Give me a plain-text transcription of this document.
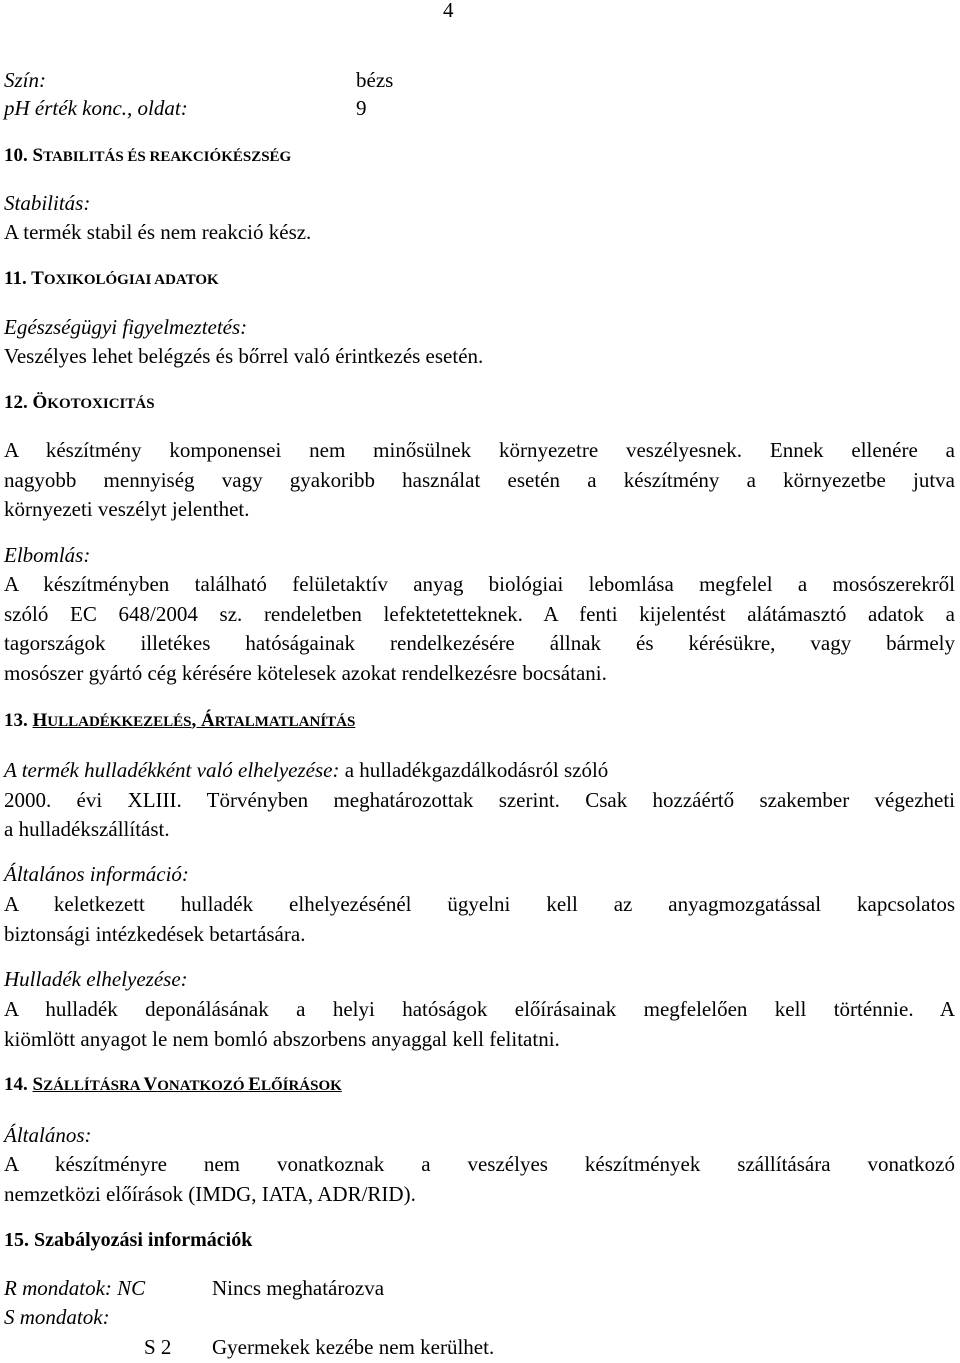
4
Szín:	bézs
pH érték konc., oldat:	9
10. STABILITÁS ÉS REAKCIÓKÉSZSÉG
Stabilitás:
A termék stabil és nem reakció kész.
11. TOXIKOLÓGIAI ADATOK
Egészségügyi figyelmeztetés:
Veszélyes lehet belégzés és bőrrel való érintkezés esetén.
12. ÖKOTOXICITÁS
A készítmény komponensei nem minősülnek környezetre veszélyesnek. Ennek ellenére a
nagyobb mennyiség vagy gyakoribb használat esetén a készítmény a környezetbe jutva
környezeti veszélyt jelenthet.
Elbomlás:
A készítményben található felületaktív anyag biológiai lebomlása megfelel a mosószerekről
szóló EC 648/2004 sz. rendeletben lefektetetteknek. A fenti kijelentést alátámasztó adatok a
tagországok illetékes hatóságainak rendelkezésére állnak és kérésükre, vagy bármely
mosószer gyártó cég kérésére kötelesek azokat rendelkezésre bocsátani.
13. HULLADÉKKEZELÉS, ÁRTALMATLANÍTÁS
A termék hulladékként való elhelyezése: a hulladékgazdálkodásról szóló
2000. évi XLIII. Törvényben meghatározottak szerint. Csak hozzáértő szakember végezheti
a hulladékszállítást.
Általános információ:
A keletkezett hulladék elhelyezésénél ügyelni kell az anyagmozgatással kapcsolatos
biztonsági intézkedések betartására.
Hulladék elhelyezése:
A hulladék deponálásának a helyi hatóságok előírásainak megfelelően kell történnie. A
kiömlött anyagot le nem bomló abszorbens anyaggal kell felitatni.
14. SZÁLLÍTÁSRA VONATKOZÓ ELŐÍRÁSOK
Általános:
A készítményre nem vonatkoznak a veszélyes készítmények szállítására vonatkozó
nemzetközi előírások (IMDG, IATA, ADR/RID).
15. Szabályozási információk
R mondatok: NC	Nincs meghatározva
S mondatok:
S 2 Gyermekek kezébe nem kerülhet.
